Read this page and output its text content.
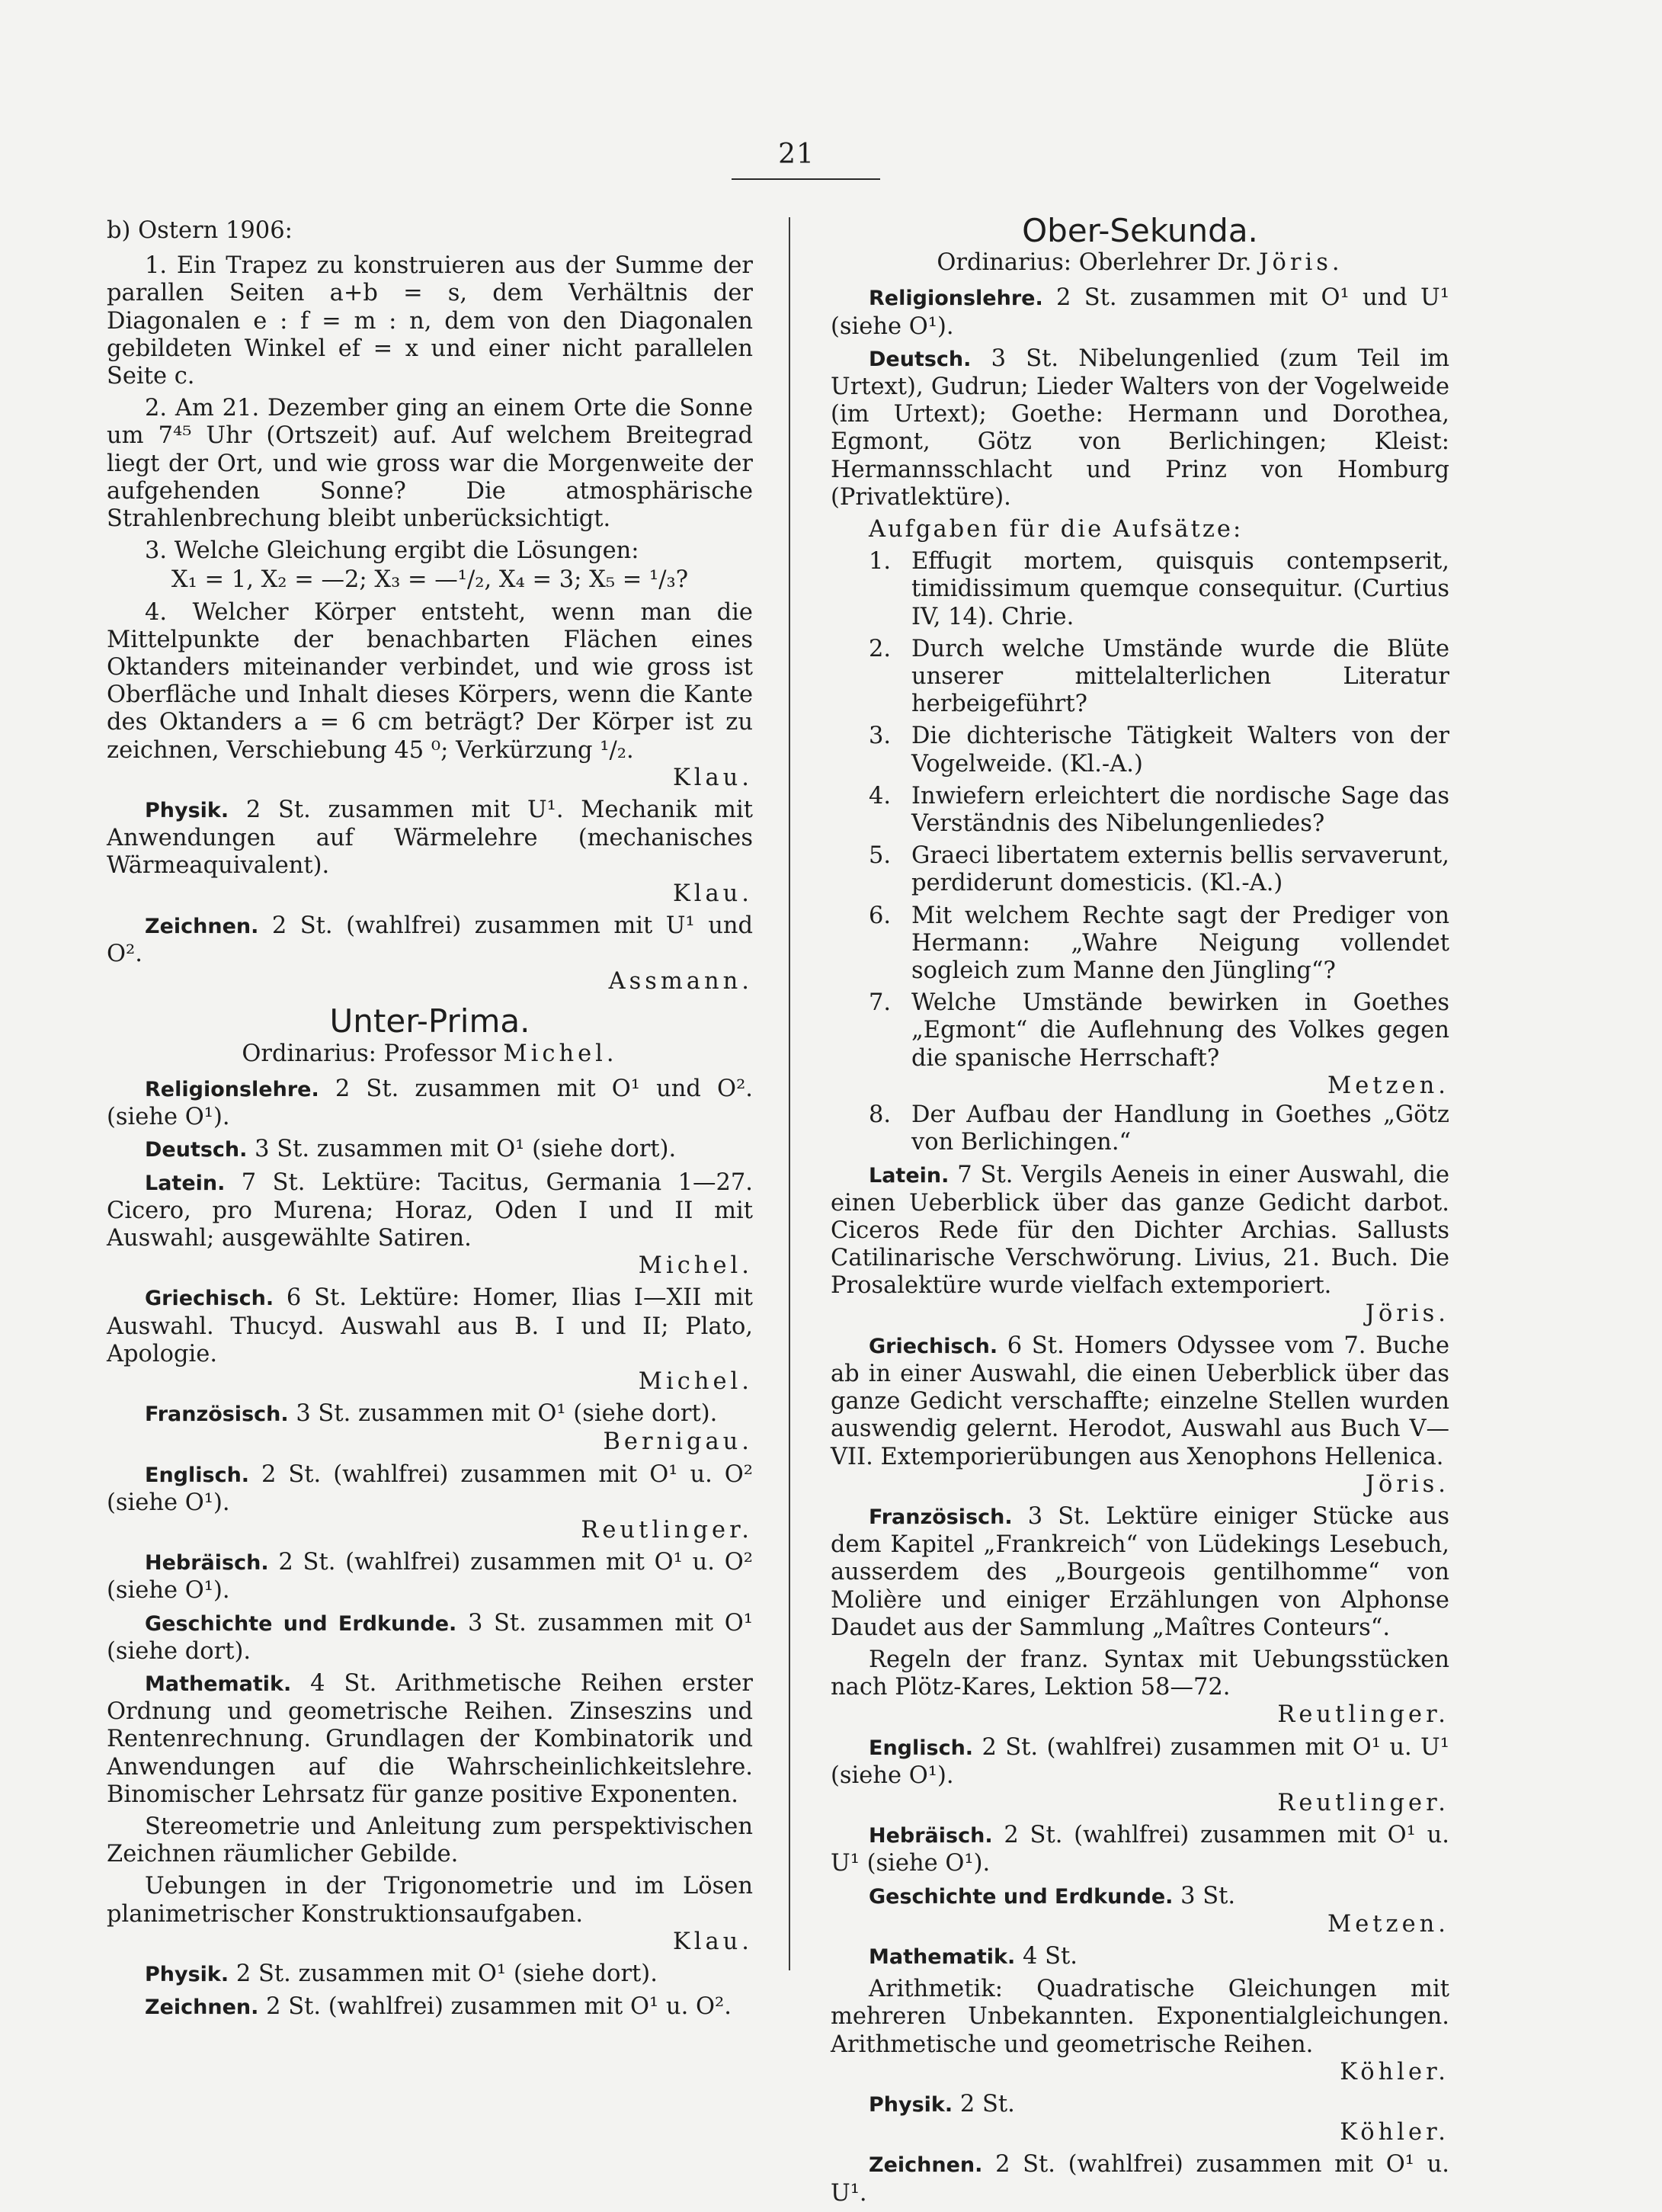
21

b) Ostern 1906:

1. Ein Trapez zu konstruieren aus der Summe der parallen Seiten a+b = s, dem Verhältnis der Diagonalen e : f = m : n, dem von den Diagonalen gebildeten Winkel ef = x und einer nicht parallelen Seite c.

2. Am 21. Dezember ging an einem Orte die Sonne um 7⁴⁵ Uhr (Ortszeit) auf. Auf welchem Breitegrad liegt der Ort, und wie gross war die Morgenweite der aufgehenden Sonne? Die atmosphärische Strahlenbrechung bleibt unberücksichtigt.

3. Welche Gleichung ergibt die Lösungen:

X₁ = 1, X₂ = —2; X₃ = —¹/₂, X₄ = 3; X₅ = ¹/₃?

4. Welcher Körper entsteht, wenn man die Mittelpunkte der benachbarten Flächen eines Oktanders miteinander verbindet, und wie gross ist Oberfläche und Inhalt dieses Körpers, wenn die Kante des Oktanders a = 6 cm beträgt? Der Körper ist zu zeichnen, Verschiebung 45 ⁰; Verkürzung ¹/₂.

Klau.

Physik. 2 St. zusammen mit U¹. Mechanik mit Anwendungen auf Wärmelehre (mechanisches Wärmeaquivalent).

Klau.

Zeichnen. 2 St. (wahlfrei) zusammen mit U¹ und O².

Assmann.

Unter-Prima.

Ordinarius: Professor Michel.

Religionslehre. 2 St. zusammen mit O¹ und O². (siehe O¹).

Deutsch. 3 St. zusammen mit O¹ (siehe dort).

Latein. 7 St. Lektüre: Tacitus, Germania 1—27. Cicero, pro Murena; Horaz, Oden I und II mit Auswahl; ausgewählte Satiren.

Michel.

Griechisch. 6 St. Lektüre: Homer, Ilias I—XII mit Auswahl. Thucyd. Auswahl aus B. I und II; Plato, Apologie.

Michel.

Französisch. 3 St. zusammen mit O¹ (siehe dort).

Bernigau.

Englisch. 2 St. (wahlfrei) zusammen mit O¹ u. O² (siehe O¹).

Reutlinger.

Hebräisch. 2 St. (wahlfrei) zusammen mit O¹ u. O² (siehe O¹).

Geschichte und Erdkunde. 3 St. zusammen mit O¹ (siehe dort).

Mathematik. 4 St. Arithmetische Reihen erster Ordnung und geometrische Reihen. Zinseszins und Rentenrechnung. Grundlagen der Kombinatorik und Anwendungen auf die Wahrscheinlichkeitslehre. Binomischer Lehrsatz für ganze positive Exponenten.

Stereometrie und Anleitung zum perspektivischen Zeichnen räumlicher Gebilde.

Uebungen in der Trigonometrie und im Lösen planimetrischer Konstruktionsaufgaben.

Klau.

Physik. 2 St. zusammen mit O¹ (siehe dort).

Zeichnen. 2 St. (wahlfrei) zusammen mit O¹ u. O².

Ober-Sekunda.

Ordinarius: Oberlehrer Dr. Jöris.

Religionslehre. 2 St. zusammen mit O¹ und U¹ (siehe O¹).

Deutsch. 3 St. Nibelungenlied (zum Teil im Urtext), Gudrun; Lieder Walters von der Vogelweide (im Urtext); Goethe: Hermann und Dorothea, Egmont, Götz von Berlichingen; Kleist: Hermannsschlacht und Prinz von Homburg (Privatlektüre).

Aufgaben für die Aufsätze:

1. Effugit mortem, quisquis contempserit, timidissimum quemque consequitur. (Curtius IV, 14). Chrie.

2. Durch welche Umstände wurde die Blüte unserer mittelalterlichen Literatur herbeigeführt?

3. Die dichterische Tätigkeit Walters von der Vogelweide. (Kl.-A.)

4. Inwiefern erleichtert die nordische Sage das Verständnis des Nibelungenliedes?

5. Graeci libertatem externis bellis servaverunt, perdiderunt domesticis. (Kl.-A.)

6. Mit welchem Rechte sagt der Prediger von Hermann: „Wahre Neigung vollendet sogleich zum Manne den Jüngling“?

7. Welche Umstände bewirken in Goethes „Egmont“ die Auflehnung des Volkes gegen die spanische Herrschaft?

Metzen.

8. Der Aufbau der Handlung in Goethes „Götz von Berlichingen.“

Latein. 7 St. Vergils Aeneis in einer Auswahl, die einen Ueberblick über das ganze Gedicht darbot. Ciceros Rede für den Dichter Archias. Sallusts Catilinarische Verschwörung. Livius, 21. Buch. Die Prosalektüre wurde vielfach extemporiert.

Jöris.

Griechisch. 6 St. Homers Odyssee vom 7. Buche ab in einer Auswahl, die einen Ueberblick über das ganze Gedicht verschaffte; einzelne Stellen wurden auswendig gelernt. Herodot, Auswahl aus Buch V—VII. Extemporierübungen aus Xenophons Hellenica.

Jöris.

Französisch. 3 St. Lektüre einiger Stücke aus dem Kapitel „Frankreich“ von Lüdekings Lesebuch, ausserdem des „Bourgeois gentilhomme“ von Molière und einiger Erzählungen von Alphonse Daudet aus der Sammlung „Maîtres Conteurs“.

Regeln der franz. Syntax mit Uebungsstücken nach Plötz-Kares, Lektion 58—72.

Reutlinger.

Englisch. 2 St. (wahlfrei) zusammen mit O¹ u. U¹ (siehe O¹).

Reutlinger.

Hebräisch. 2 St. (wahlfrei) zusammen mit O¹ u. U¹ (siehe O¹).

Geschichte und Erdkunde. 3 St.

Metzen.

Mathematik. 4 St.

Arithmetik: Quadratische Gleichungen mit mehreren Unbekannten. Exponentialgleichungen. Arithmetische und geometrische Reihen.

Köhler.

Physik. 2 St.

Köhler.

Zeichnen. 2 St. (wahlfrei) zusammen mit O¹ u. U¹.
